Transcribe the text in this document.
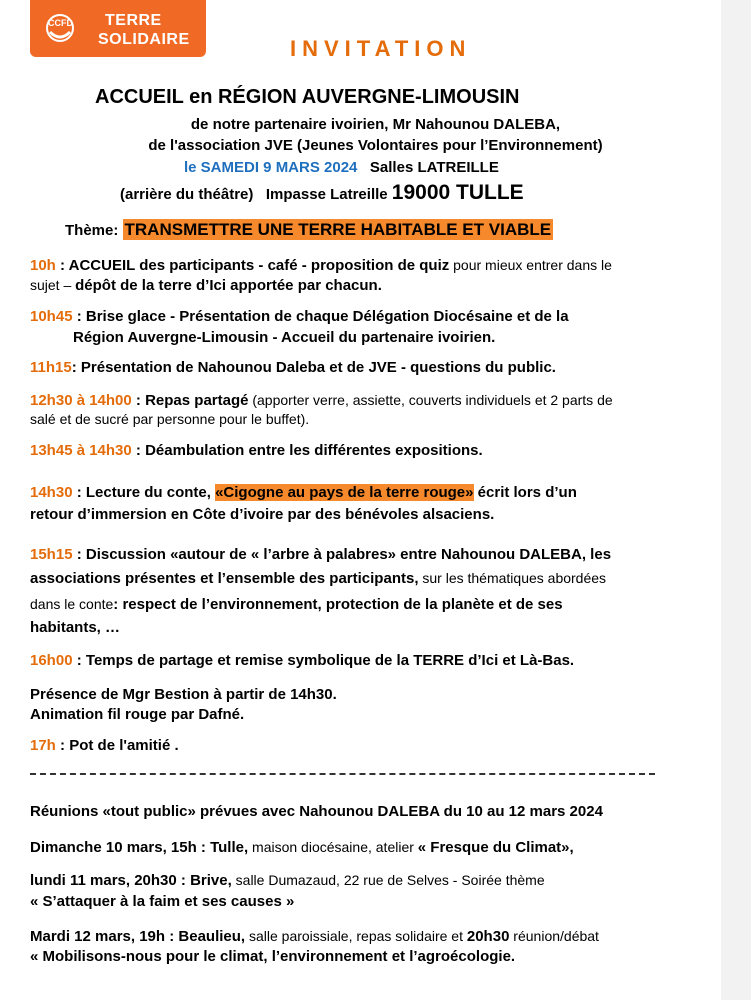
CCFD TERRE
SOLIDAIRE	INVITATION
ACCUEIL en RÉGION AUVERGNE-LIMOUSIN
de notre partenaire ivoirien, Mr Nahounou DALEBA,
de l'association JVE (Jeunes Volontaires pour l’Environnement)
le SAMEDI 9 MARS 2024 Salles LATREILLE
(arrière du théâtre) Impasse Latreille 19000 TULLE
Thème: TRANSMETTRE UNE TERRE HABITABLE ET VIABLE
10h : ACCUEIL des participants - café - proposition de quiz pour mieux entrer dans le
sujet – dépôt de la terre d’Ici apportée par chacun.
10h45 : Brise glace - Présentation de chaque Délégation Diocésaine et de la
Région Auvergne-Limousin - Accueil du partenaire ivoirien.
11h15: Présentation de Nahounou Daleba et de JVE - questions du public.
12h30 à 14h00 : Repas partagé (apporter verre, assiette, couverts individuels et 2 parts de
salé et de sucré par personne pour le buffet).
13h45 à 14h30 : Déambulation entre les différentes expositions.
14h30 : Lecture du conte, «Cigogne au pays de la terre rouge» écrit lors d’un
retour d’immersion en Côte d’ivoire par des bénévoles alsaciens.
15h15 : Discussion «autour de « l’arbre à palabres» entre Nahounou DALEBA, les
associations présentes et l’ensemble des participants, sur les thématiques abordées
dans le conte: respect de l’environnement, protection de la planète et de ses
habitants, …
16h00 : Temps de partage et remise symbolique de la TERRE d’Ici et Là-Bas.
Présence de Mgr Bestion à partir de 14h30.
Animation fil rouge par Dafné.
17h : Pot de l'amitié .
Réunions «tout public» prévues avec Nahounou DALEBA du 10 au 12 mars 2024
Dimanche 10 mars, 15h : Tulle, maison diocésaine, atelier « Fresque du Climat»,
lundi 11 mars, 20h30 : Brive, salle Dumazaud, 22 rue de Selves - Soirée thème
« S’attaquer à la faim et ses causes »
Mardi 12 mars, 19h : Beaulieu, salle paroissiale, repas solidaire et 20h30 réunion/débat
« Mobilisons-nous pour le climat, l’environnement et l’agroécologie.
